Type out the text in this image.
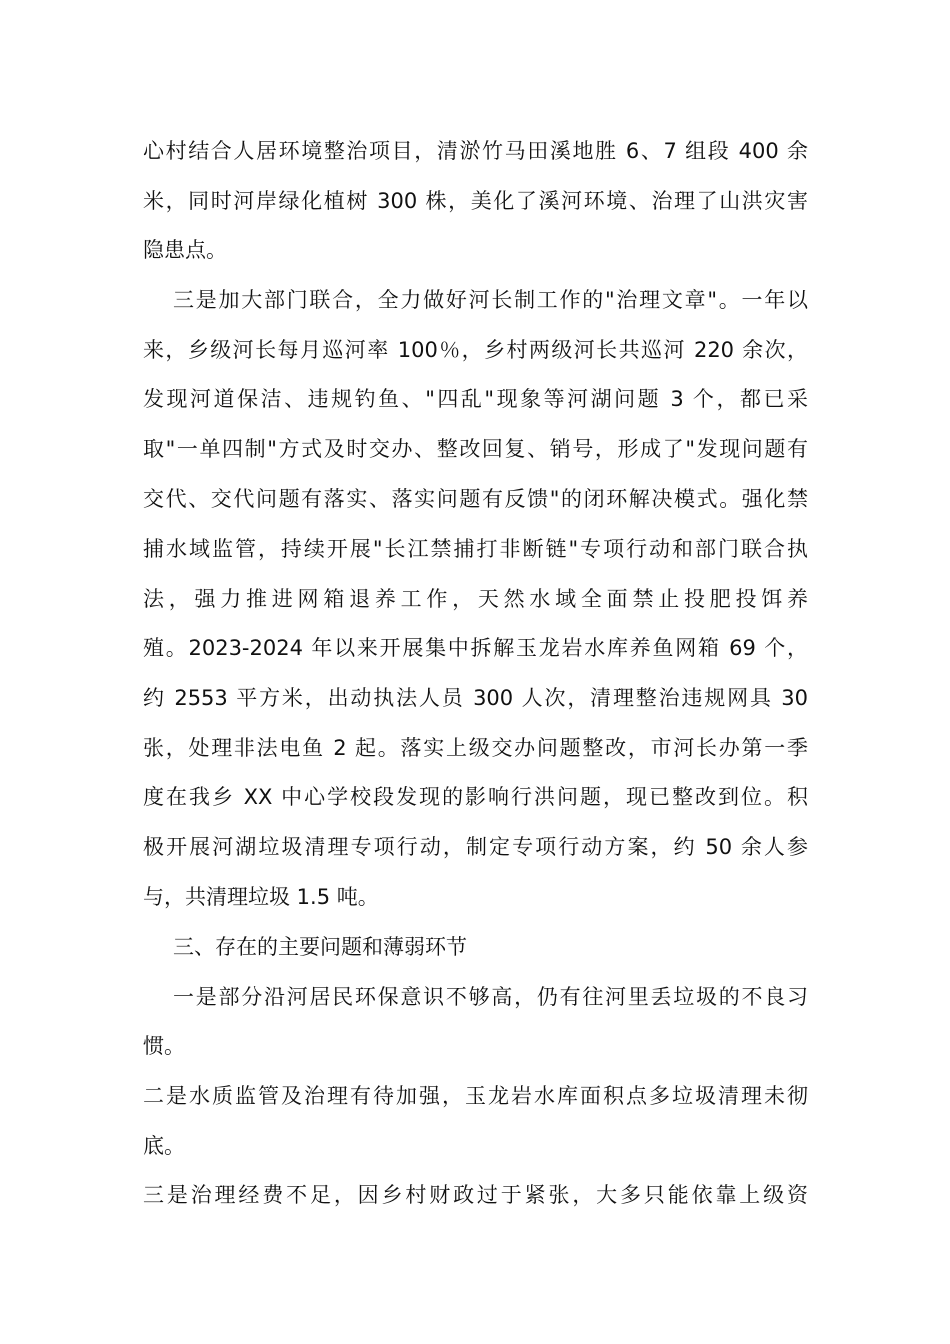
心村结合人居环境整治项目，清淤竹马田溪地胜 6、7 组段 400 余
米，同时河岸绿化植树 300 株，美化了溪河环境、治理了山洪灾害
隐患点。
三是加大部门联合，全力做好河长制工作的"治理文章"。一年以
来，乡级河长每月巡河率 100％，乡村两级河长共巡河 220 余次，
发现河道保洁、违规钓鱼、"四乱"现象等河湖问题 3 个，都已采
取"一单四制"方式及时交办、整改回复、销号，形成了"发现问题有
交代、交代问题有落实、落实问题有反馈"的闭环解决模式。强化禁
捕水域监管，持续开展"长江禁捕打非断链"专项行动和部门联合执
法，强力推进网箱退养工作，天然水域全面禁止投肥投饵养
殖。2023-2024 年以来开展集中拆解玉龙岩水库养鱼网箱 69 个，
约 2553 平方米，出动执法人员 300 人次，清理整治违规网具 30
张，处理非法电鱼 2 起。落实上级交办问题整改，市河长办第一季
度在我乡 XX 中心学校段发现的影响行洪问题，现已整改到位。积
极开展河湖垃圾清理专项行动，制定专项行动方案，约 50 余人参
与，共清理垃圾 1.5 吨。
三、存在的主要问题和薄弱环节
一是部分沿河居民环保意识不够高，仍有往河里丢垃圾的不良习
惯。
二是水质监管及治理有待加强，玉龙岩水库面积点多垃圾清理未彻
底。
三是治理经费不足，因乡村财政过于紧张，大多只能依靠上级资
